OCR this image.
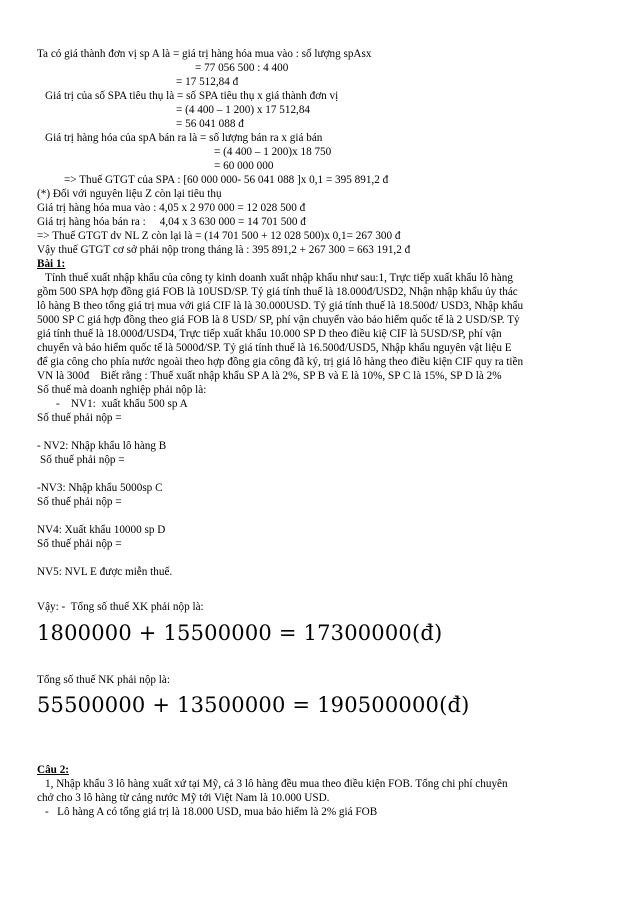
Ta có giá thành đơn vị sp A là = giá trị hàng hóa mua vào : số lượng spAsx
= 77 056 500 : 4 400
= 17 512,84 đ
Giá trị của số SPA tiêu thụ là = số SPA tiêu thụ x giá thành đơn vị
= (4 400 – 1 200) x 17 512,84
= 56 041 088 đ
Giá trị hàng hóa của spA bán ra là = số lượng bán ra x giá bán
= (4 400 – 1 200)x 18 750
= 60 000 000
=> Thuế GTGT của SPA : [60 000 000- 56 041 088 ]x 0,1 = 395 891,2 đ
(*) Đối với nguyên liệu Z còn lại tiêu thụ
Giá trị hàng hóa mua vào : 4,05 x 2 970 000 = 12 028 500 đ
Giá trị hàng hóa bán ra :     4,04 x 3 630 000 = 14 701 500 đ
=> Thuế GTGT dv NL Z còn lại là = (14 701 500 + 12 028 500)x 0,1= 267 300 đ
Vậy thuế GTGT cơ sở phải nộp trong tháng là : 395 891,2 + 267 300 = 663 191,2 đ
Bài 1:
Tính thuế xuất nhập khẩu của công ty kinh doanh xuất nhập khẩu như sau:1, Trực tiếp xuất khẩu lô hàng
gồm 500 SPA hợp đồng giá FOB là 10USD/SP. Tỷ giá tính thuế là 18.000đ/USD2, Nhận nhập khẩu ủy thác
lô hàng B theo tổng giá trị mua với giá CIF là là 30.000USD. Tỷ giá tính thuế là 18.500đ/ USD3, Nhập khẩu
5000 SP C giá hợp đồng theo giá FOB là 8 USD/ SP, phí vận chuyển vào bảo hiểm quốc tế là 2 USD/SP. Tỷ
giá tính thuế là 18.000đ/USD4, Trực tiếp xuất khẩu 10.000 SP D theo điều kiệ CIF là 5USD/SP, phí vận
chuyển và bảo hiểm quốc tế là 5000đ/SP. Tỷ giá tính thuế là 16.500đ/USD5, Nhập khẩu nguyên vật liệu E
để gia công cho phía nước ngoài theo hợp đồng gia công đã ký, trị giá lô hàng theo điều kiện CIF quy ra tiền
VN là 300đ    Biết rằng : Thuế xuất nhập khẩu SP A là 2%, SP B và E là 10%, SP C là 15%, SP D là 2%
Số thuế mà doanh nghiệp phải nộp là:
-    NV1:  xuất khẩu 500 sp A
Số thuế phải nộp =
- NV2: Nhập khẩu lô hàng B
Số thuế phải nộp =
-NV3: Nhập khẩu 5000sp C
Số thuế phải nộp =
NV4: Xuất khẩu 10000 sp D
Số thuế phải nộp =
NV5: NVL E được miễn thuế.
Vậy: -  Tổng số thuế XK phải nộp là:
1800000 + 15500000 = 17300000(đ)
Tổng số thuế NK phải nộp là:
55500000 + 13500000 = 190500000(đ)
Câu 2:
1, Nhập khẩu 3 lô hàng xuất xứ tại Mỹ, cả 3 lô hàng đều mua theo điều kiện FOB. Tổng chi phí chuyên
chở cho 3 lô hàng từ cảng nước Mỹ tới Việt Nam là 10.000 USD.
-   Lô hàng A có tổng giá trị là 18.000 USD, mua bảo hiểm là 2% giá FOB
